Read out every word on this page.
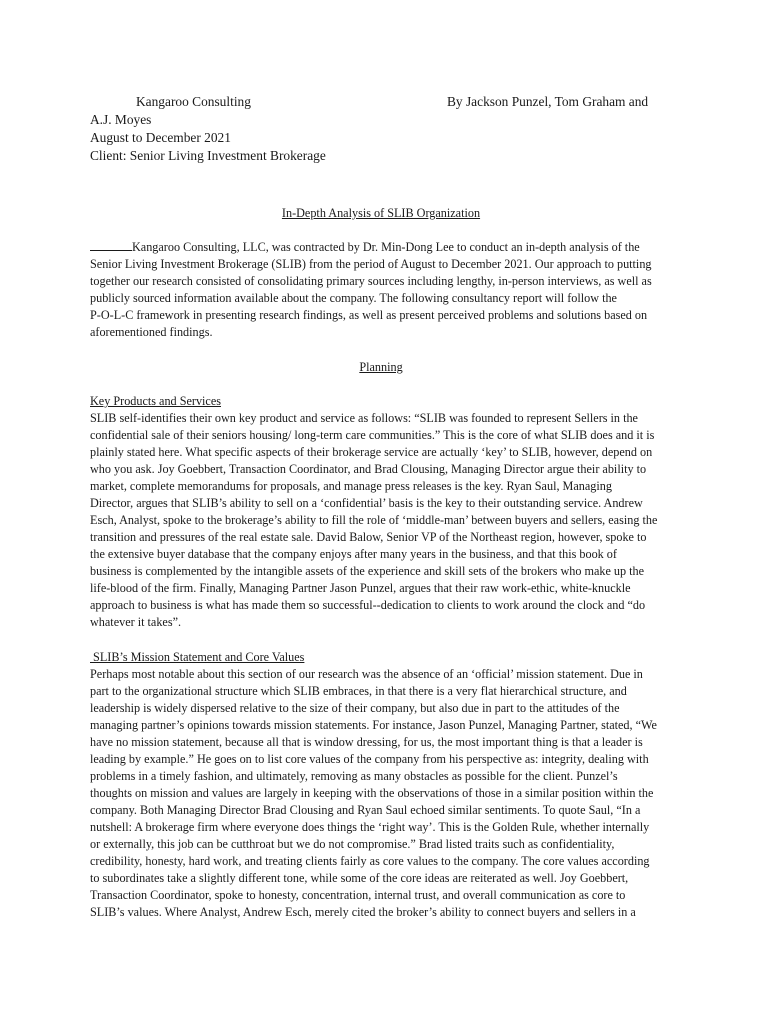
Kangaroo Consulting	By Jackson Punzel, Tom Graham and
A.J. Moyes
August to December 2021
Client: Senior Living Investment Brokerage
In-Depth Analysis of SLIB Organization
Kangaroo Consulting, LLC, was contracted by Dr. Min-Dong Lee to conduct an in-depth analysis of the
Senior Living Investment Brokerage (SLIB) from the period of August to December 2021. Our approach to putting
together our research consisted of consolidating primary sources including lengthy, in-person interviews, as well as
publicly sourced information available about the company. The following consultancy report will follow the
P-O-L-C framework in presenting research findings, as well as present perceived problems and solutions based on
aforementioned findings.
Planning
Key Products and Services
SLIB self-identifies their own key product and service as follows: “SLIB was founded to represent Sellers in the
confidential sale of their seniors housing/ long-term care communities.” This is the core of what SLIB does and it is
plainly stated here. What specific aspects of their brokerage service are actually ‘key’ to SLIB, however, depend on
who you ask. Joy Goebbert, Transaction Coordinator, and Brad Clousing, Managing Director argue their ability to
market, complete memorandums for proposals, and manage press releases is the key. Ryan Saul, Managing
Director, argues that SLIB’s ability to sell on a ‘confidential’ basis is the key to their outstanding service. Andrew
Esch, Analyst, spoke to the brokerage’s ability to fill the role of ‘middle-man’ between buyers and sellers, easing the
transition and pressures of the real estate sale. David Balow, Senior VP of the Northeast region, however, spoke to
the extensive buyer database that the company enjoys after many years in the business, and that this book of
business is complemented by the intangible assets of the experience and skill sets of the brokers who make up the
life-blood of the firm. Finally, Managing Partner Jason Punzel, argues that their raw work-ethic, white-knuckle
approach to business is what has made them so successful--dedication to clients to work around the clock and “do
whatever it takes”.
SLIB’s Mission Statement and Core Values
Perhaps most notable about this section of our research was the absence of an ‘official’ mission statement. Due in
part to the organizational structure which SLIB embraces, in that there is a very flat hierarchical structure, and
leadership is widely dispersed relative to the size of their company, but also due in part to the attitudes of the
managing partner’s opinions towards mission statements. For instance, Jason Punzel, Managing Partner, stated, “We
have no mission statement, because all that is window dressing, for us, the most important thing is that a leader is
leading by example.” He goes on to list core values of the company from his perspective as: integrity, dealing with
problems in a timely fashion, and ultimately, removing as many obstacles as possible for the client. Punzel’s
thoughts on mission and values are largely in keeping with the observations of those in a similar position within the
company. Both Managing Director Brad Clousing and Ryan Saul echoed similar sentiments. To quote Saul, “In a
nutshell: A brokerage firm where everyone does things the ‘right way’. This is the Golden Rule, whether internally
or externally, this job can be cutthroat but we do not compromise.” Brad listed traits such as confidentiality,
credibility, honesty, hard work, and treating clients fairly as core values to the company. The core values according
to subordinates take a slightly different tone, while some of the core ideas are reiterated as well. Joy Goebbert,
Transaction Coordinator, spoke to honesty, concentration, internal trust, and overall communication as core to
SLIB’s values. Where Analyst, Andrew Esch, merely cited the broker’s ability to connect buyers and sellers in a
